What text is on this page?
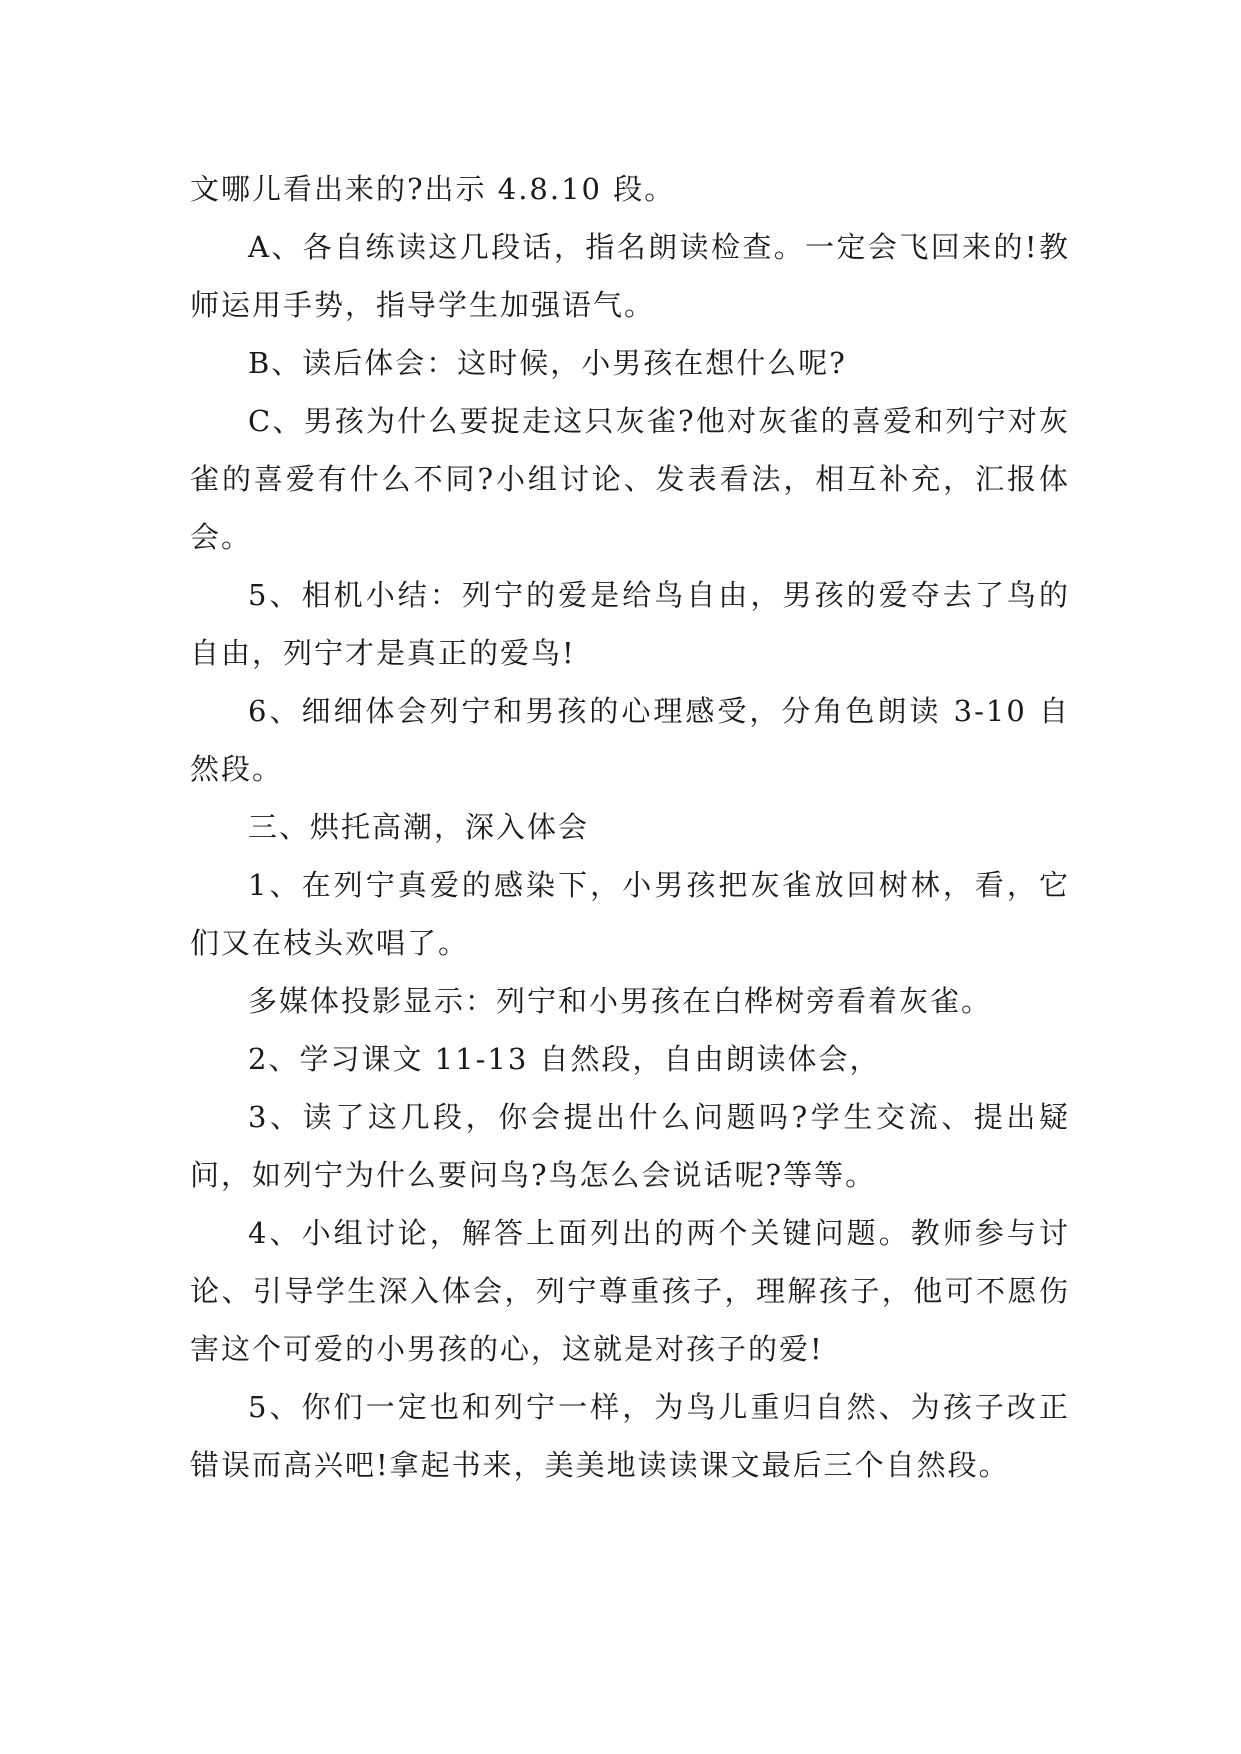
文哪儿看出来的?出示 4.8.10 段。

A、各自练读这几段话，指名朗读检查。一定会飞回来的!教师运用手势，指导学生加强语气。

B、读后体会：这时候，小男孩在想什么呢?

C、男孩为什么要捉走这只灰雀?他对灰雀的喜爱和列宁对灰雀的喜爱有什么不同?小组讨论、发表看法，相互补充，汇报体会。

5、相机小结：列宁的爱是给鸟自由，男孩的爱夺去了鸟的自由，列宁才是真正的爱鸟!

6、细细体会列宁和男孩的心理感受，分角色朗读 3-10 自然段。

三、烘托高潮，深入体会

1、在列宁真爱的感染下，小男孩把灰雀放回树林，看，它们又在枝头欢唱了。

多媒体投影显示：列宁和小男孩在白桦树旁看着灰雀。

2、学习课文 11-13 自然段，自由朗读体会，

3、读了这几段，你会提出什么问题吗?学生交流、提出疑问，如列宁为什么要问鸟?鸟怎么会说话呢?等等。

4、小组讨论，解答上面列出的两个关键问题。教师参与讨论、引导学生深入体会，列宁尊重孩子，理解孩子，他可不愿伤害这个可爱的小男孩的心，这就是对孩子的爱!

5、你们一定也和列宁一样，为鸟儿重归自然、为孩子改正错误而高兴吧!拿起书来，美美地读读课文最后三个自然段。
